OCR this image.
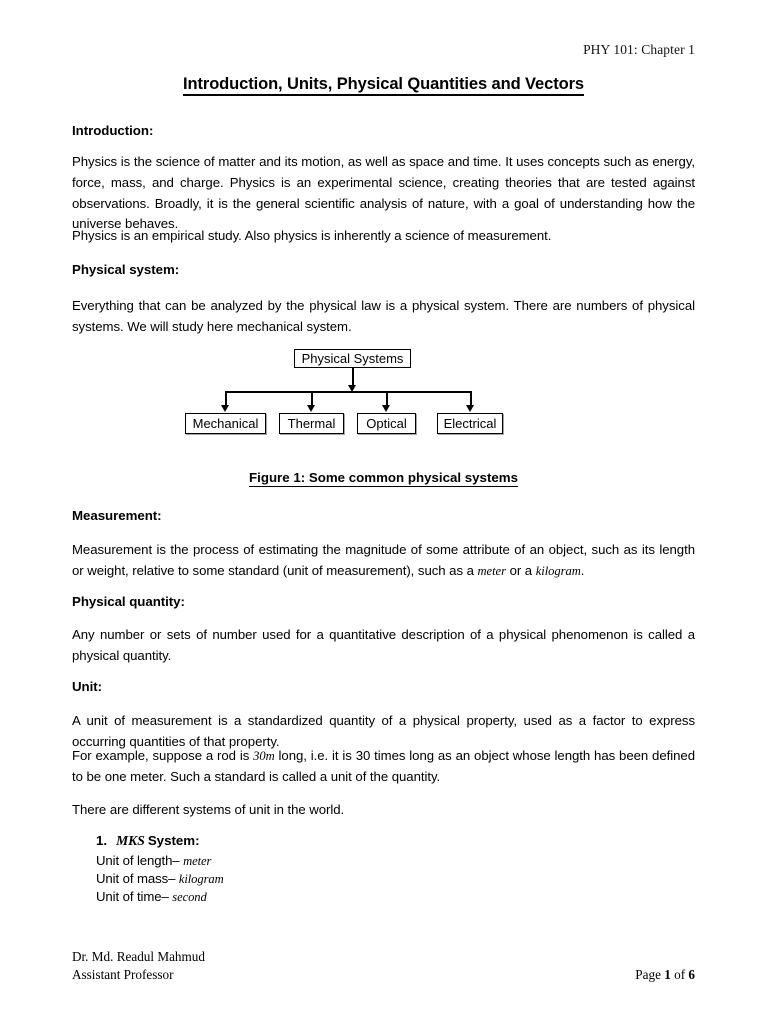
PHY 101: Chapter 1
Introduction, Units, Physical Quantities and Vectors
Introduction:
Physics is the science of matter and its motion, as well as space and time. It uses concepts such as energy, force, mass, and charge. Physics is an experimental science, creating theories that are tested against observations. Broadly, it is the general scientific analysis of nature, with a goal of understanding how the universe behaves.
Physics is an empirical study. Also physics is inherently a science of measurement.
Physical system:
Everything that can be analyzed by the physical law is a physical system. There are numbers of physical systems. We will study here mechanical system.
Physical Systems
Mechanical Thermal Optical	Electrical
Figure 1: Some common physical systems
Measurement:
Measurement is the process of estimating the magnitude of some attribute of an object, such as its length or weight, relative to some standard (unit of measurement), such as a meter or a kilogram.
Physical quantity:
Any number or sets of number used for a quantitative description of a physical phenomenon is called a physical quantity.
Unit:
A unit of measurement is a standardized quantity of a physical property, used as a factor to express occurring quantities of that property.
For example, suppose a rod is 30m long, i.e. it is 30 times long as an object whose length has been defined to be one meter. Such a standard is called a unit of the quantity.
There are different systems of unit in the world.
1. MKS System:
Unit of length– meter
Unit of mass– kilogram
Unit of time– second
Dr. Md. Readul Mahmud
Assistant Professor	Page 1 of 6
